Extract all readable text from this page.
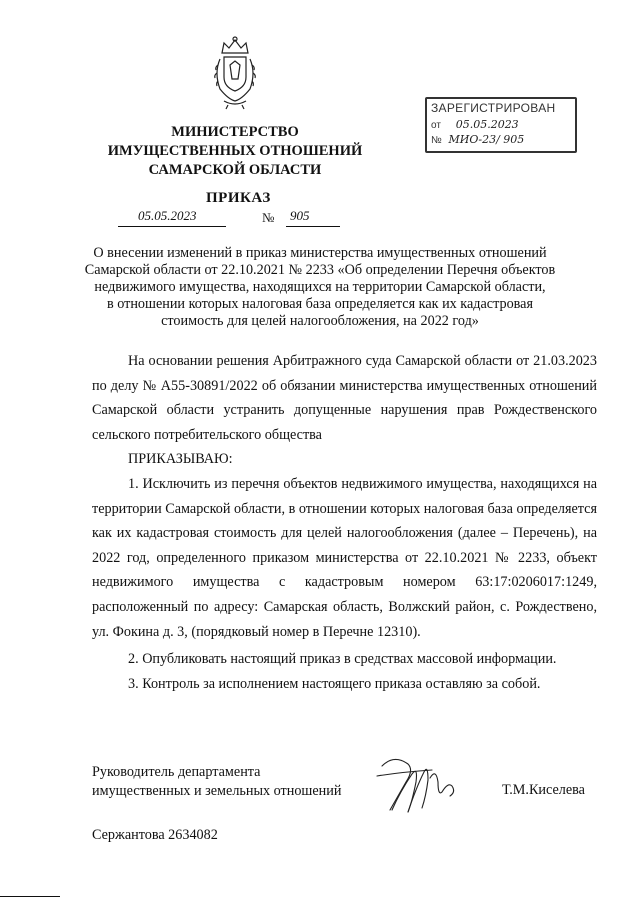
МИНИСТЕРСТВО
ИМУЩЕСТВЕННЫХ ОТНОШЕНИЙ
САМАРСКОЙ ОБЛАСТИ
ЗАРЕГИСТРИРОВАН
от 05.05.2023
№ МИО-23/ 905
ПРИКАЗ
05.05.2023	№ 905
О внесении изменений в приказ министерства имущественных отношений
Самарской области от 22.10.2021 № 2233 «Об определении Перечня объектов
недвижимого имущества, находящихся на территории Самарской области,
в отношении которых налоговая база определяется как их кадастровая
стоимость для целей налогообложения, на 2022 год»

На основании решения Арбитражного суда Самарской области от 21.03.2023 по делу № А55-30891/2022 об обязании министерства имущественных отношений Самарской области устранить допущенные нарушения прав Рождественского сельского потребительского общества

ПРИКАЗЫВАЮ:

1. Исключить из перечня объектов недвижимого имущества, находящихся на территории Самарской области, в отношении которых налоговая база определяется как их кадастровая стоимость для целей налогообложения (далее – Перечень), на 2022 год, определенного приказом министерства от 22.10.2021 № 2233, объект недвижимого имущества с кадастровым номером 63:17:0206017:1249, расположенный по адресу: Самарская область, Волжский район, с. Рождествено, ул. Фокина д. 3, (порядковый номер в Перечне 12310).

2. Опубликовать настоящий приказ в средствах массовой информации.

3. Контроль за исполнением настоящего приказа оставляю за собой.

Руководитель департамента
имущественных и земельных отношений	Т.М.Киселева
Сержантова 2634082
